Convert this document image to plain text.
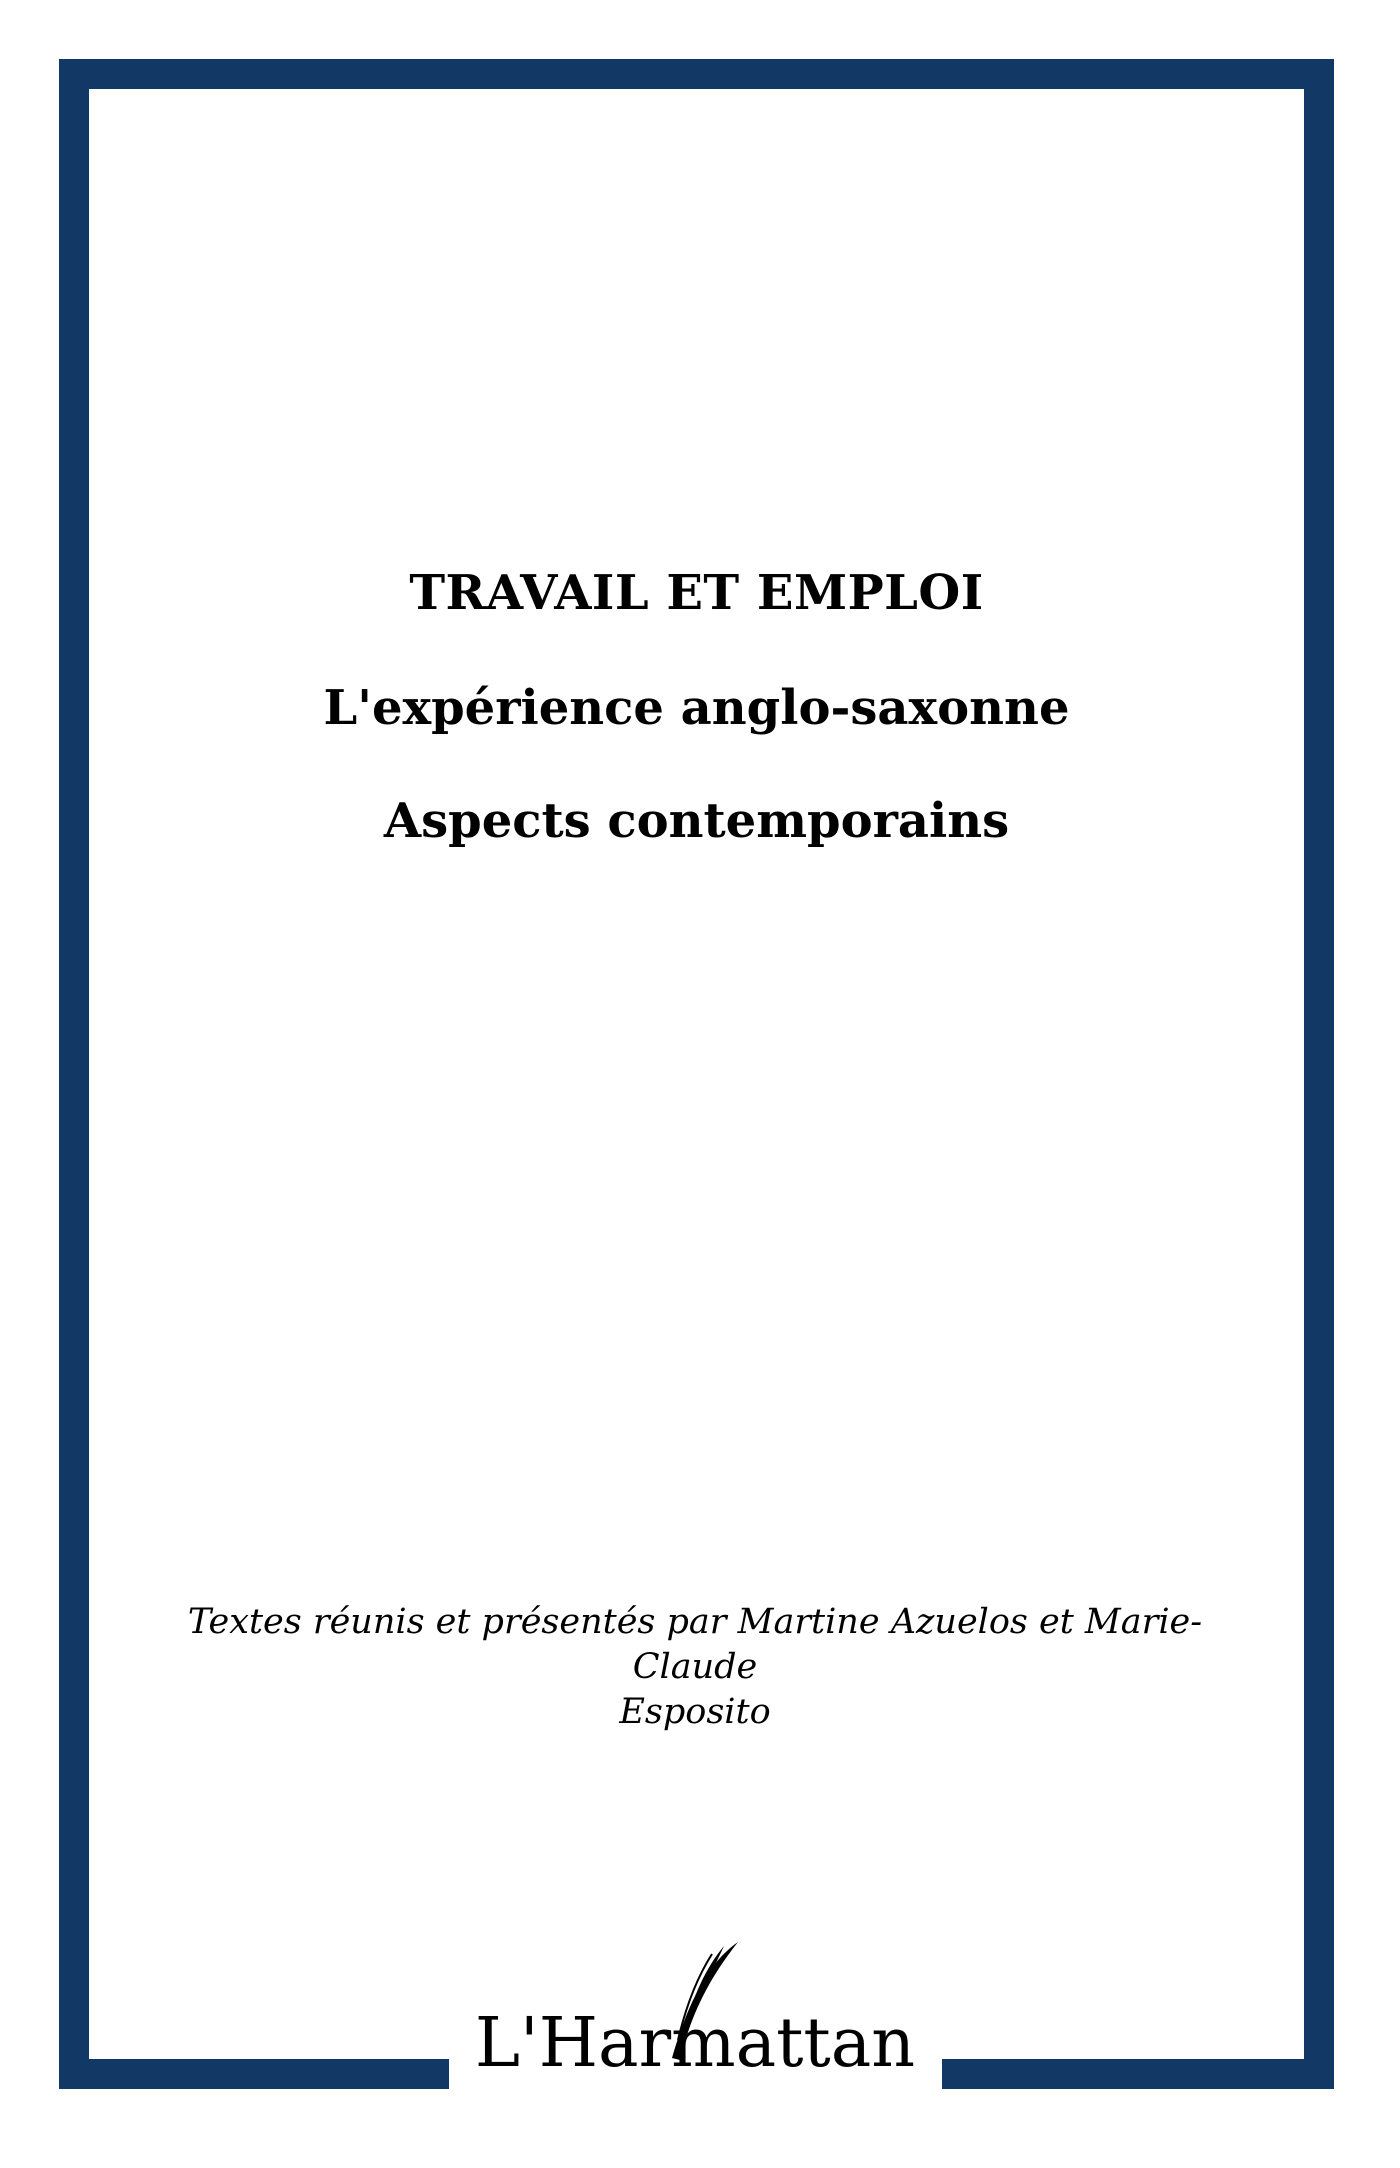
TRAVAIL ET EMPLOI
L'expérience anglo-saxonne
Aspects contemporains
Textes réunis et présentés par Martine Azuelos et Marie-Claude
Esposito
L'Harmattan
